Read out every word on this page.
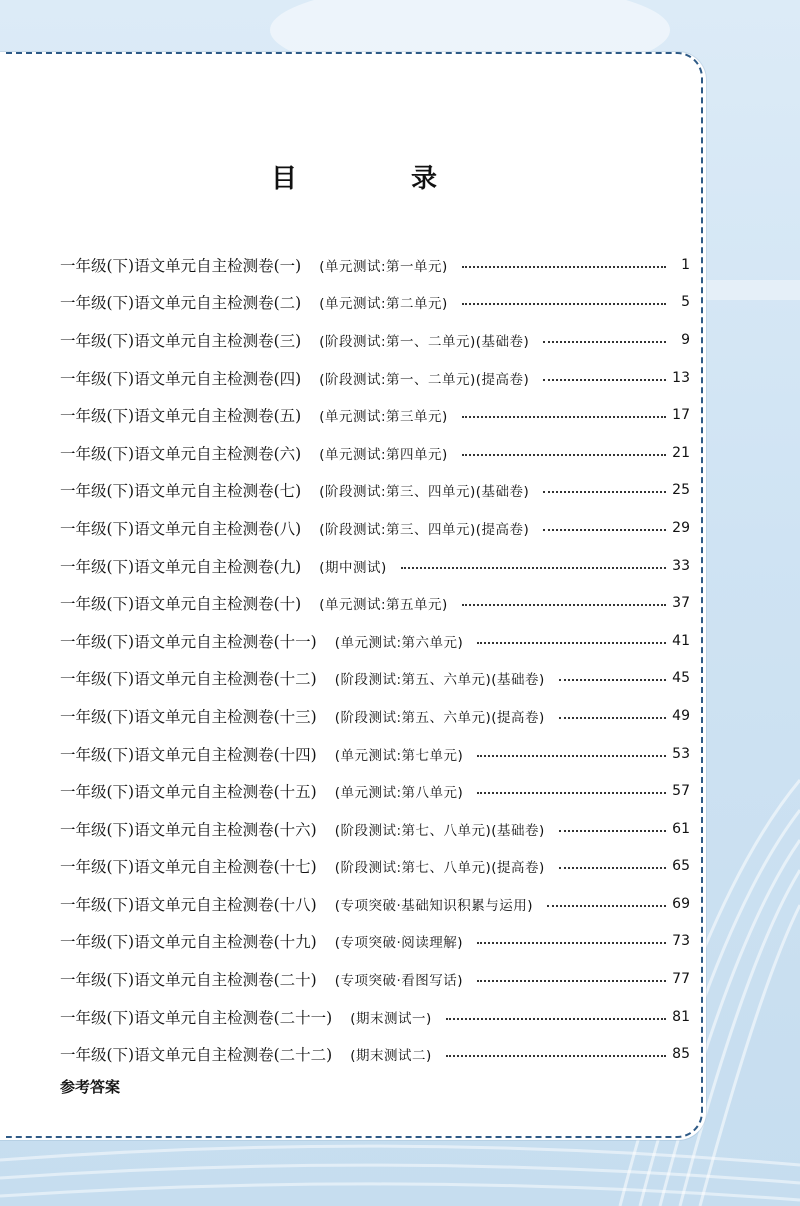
目　录
一年级(下)语文单元自主检测卷(一) (单元测试:第一单元)	1
一年级(下)语文单元自主检测卷(二) (单元测试:第二单元)	5
一年级(下)语文单元自主检测卷(三) (阶段测试:第一、二单元)(基础卷)	9
一年级(下)语文单元自主检测卷(四) (阶段测试:第一、二单元)(提高卷)	13
一年级(下)语文单元自主检测卷(五) (单元测试:第三单元)	17
一年级(下)语文单元自主检测卷(六) (单元测试:第四单元)	21
一年级(下)语文单元自主检测卷(七) (阶段测试:第三、四单元)(基础卷)	25
一年级(下)语文单元自主检测卷(八) (阶段测试:第三、四单元)(提高卷)	29
一年级(下)语文单元自主检测卷(九) (期中测试)	33
一年级(下)语文单元自主检测卷(十) (单元测试:第五单元)	37
一年级(下)语文单元自主检测卷(十一) (单元测试:第六单元)	41
一年级(下)语文单元自主检测卷(十二) (阶段测试:第五、六单元)(基础卷)	45
一年级(下)语文单元自主检测卷(十三) (阶段测试:第五、六单元)(提高卷)	49
一年级(下)语文单元自主检测卷(十四) (单元测试:第七单元)	53
一年级(下)语文单元自主检测卷(十五) (单元测试:第八单元)	57
一年级(下)语文单元自主检测卷(十六) (阶段测试:第七、八单元)(基础卷)	61
一年级(下)语文单元自主检测卷(十七) (阶段测试:第七、八单元)(提高卷)	65
一年级(下)语文单元自主检测卷(十八) (专项突破·基础知识积累与运用)	69
一年级(下)语文单元自主检测卷(十九) (专项突破·阅读理解)	73
一年级(下)语文单元自主检测卷(二十) (专项突破·看图写话)	77
一年级(下)语文单元自主检测卷(二十一) (期末测试一)	81
一年级(下)语文单元自主检测卷(二十二) (期末测试二)	85
参考答案
